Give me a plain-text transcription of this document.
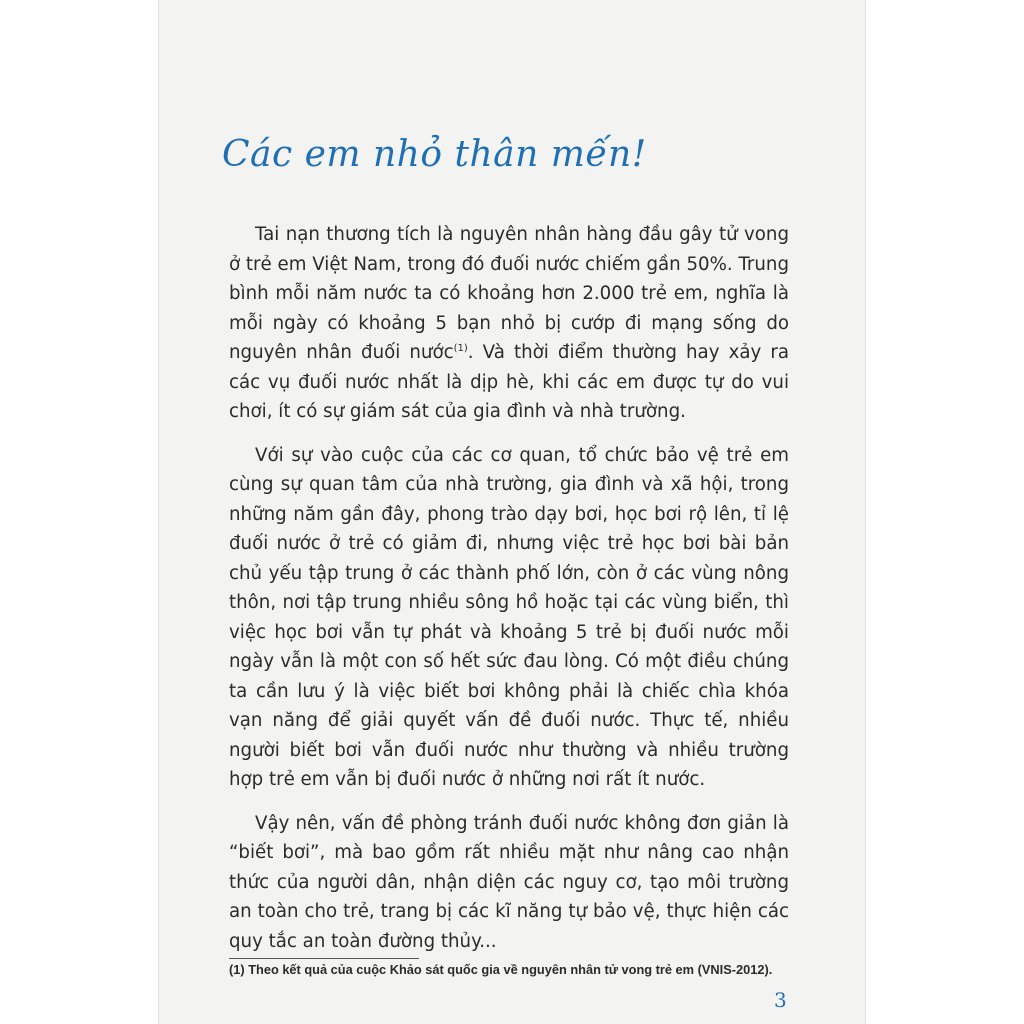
Các em nhỏ thân mến!

Tai nạn thương tích là nguyên nhân hàng đầu gây tử vong ở trẻ em Việt Nam, trong đó đuối nước chiếm gần 50%. Trung bình mỗi năm nước ta có khoảng hơn 2.000 trẻ em, nghĩa là mỗi ngày có khoảng 5 bạn nhỏ bị cướp đi mạng sống do nguyên nhân đuối nước$^{(1)}$. Và thời điểm thường hay xảy ra các vụ đuối nước nhất là dịp hè, khi các em được tự do vui chơi, ít có sự giám sát của gia đình và nhà trường.

Với sự vào cuộc của các cơ quan, tổ chức bảo vệ trẻ em cùng sự quan tâm của nhà trường, gia đình và xã hội, trong những năm gần đây, phong trào dạy bơi, học bơi rộ lên, tỉ lệ đuối nước ở trẻ có giảm đi, nhưng việc trẻ học bơi bài bản chủ yếu tập trung ở các thành phố lớn, còn ở các vùng nông thôn, nơi tập trung nhiều sông hồ hoặc tại các vùng biển, thì việc học bơi vẫn tự phát và khoảng 5 trẻ bị đuối nước mỗi ngày vẫn là một con số hết sức đau lòng. Có một điều chúng ta cần lưu ý là việc biết bơi không phải là chiếc chìa khóa vạn năng để giải quyết vấn đề đuối nước. Thực tế, nhiều người biết bơi vẫn đuối nước như thường và nhiều trường hợp trẻ em vẫn bị đuối nước ở những nơi rất ít nước.

Vậy nên, vấn đề phòng tránh đuối nước không đơn giản là “biết bơi”, mà bao gồm rất nhiều mặt như nâng cao nhận thức của người dân, nhận diện các nguy cơ, tạo môi trường an toàn cho trẻ, trang bị các kĩ năng tự bảo vệ, thực hiện các quy tắc an toàn đường thủy...

(1) Theo kết quả của cuộc Khảo sát quốc gia về nguyên nhân tử vong trẻ em (VNIS-2012).
3
